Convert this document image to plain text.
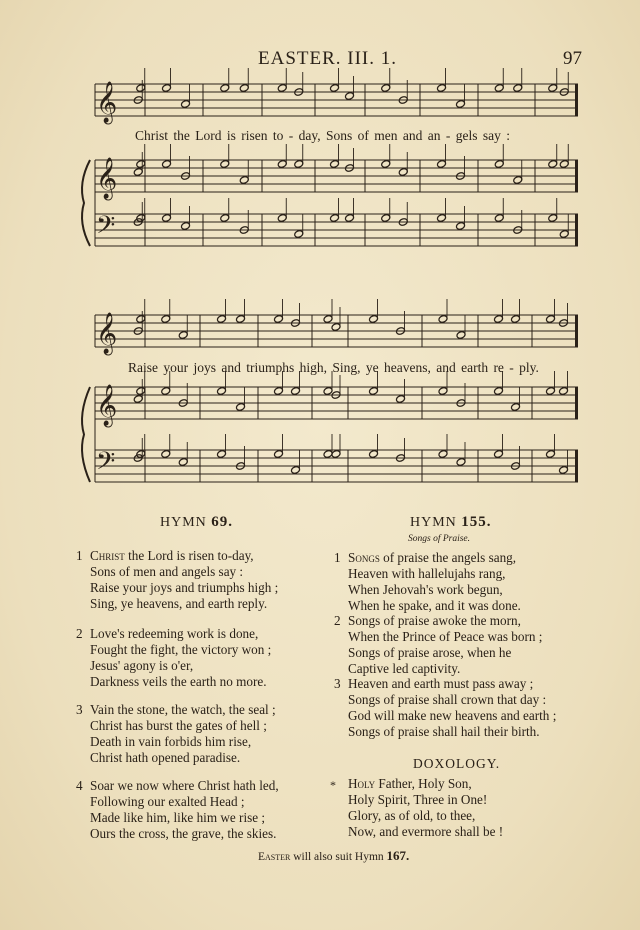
EASTER. III. 1.	97
𝄞
𝄞
𝄢
𝄞
𝄞
𝄢
Christ the Lord is risen to - day, Sons of men and an - gels say :
Raise your joys and triumphs high, Sing, ye heavens, and earth re - ply.
HYMN 69.
1 Christ the Lord is risen to-day,
Sons of men and angels say :
Raise your joys and triumphs high ;
Sing, ye heavens, and earth reply.
2 Love's redeeming work is done,
Fought the fight, the victory won ;
Jesus' agony is o'er,
Darkness veils the earth no more.
3 Vain the stone, the watch, the seal ;
Christ has burst the gates of hell ;
Death in vain forbids him rise,
Christ hath opened paradise.
4 Soar we now where Christ hath led,
Following our exalted Head ;
Made like him, like him we rise ;
Ours the cross, the grave, the skies.
HYMN 155.
Songs of Praise.
1 Songs of praise the angels sang,
Heaven with hallelujahs rang,
When Jehovah's work begun,
When he spake, and it was done.
2 Songs of praise awoke the morn,
When the Prince of Peace was born ;
Songs of praise arose, when he
Captive led captivity.
3 Heaven and earth must pass away ;
Songs of praise shall crown that day :
God will make new heavens and earth ;
Songs of praise shall hail their birth.
DOXOLOGY.
* Holy Father, Holy Son,
Holy Spirit, Three in One!
Glory, as of old, to thee,
Now, and evermore shall be !
Easter will also suit Hymn 167.
